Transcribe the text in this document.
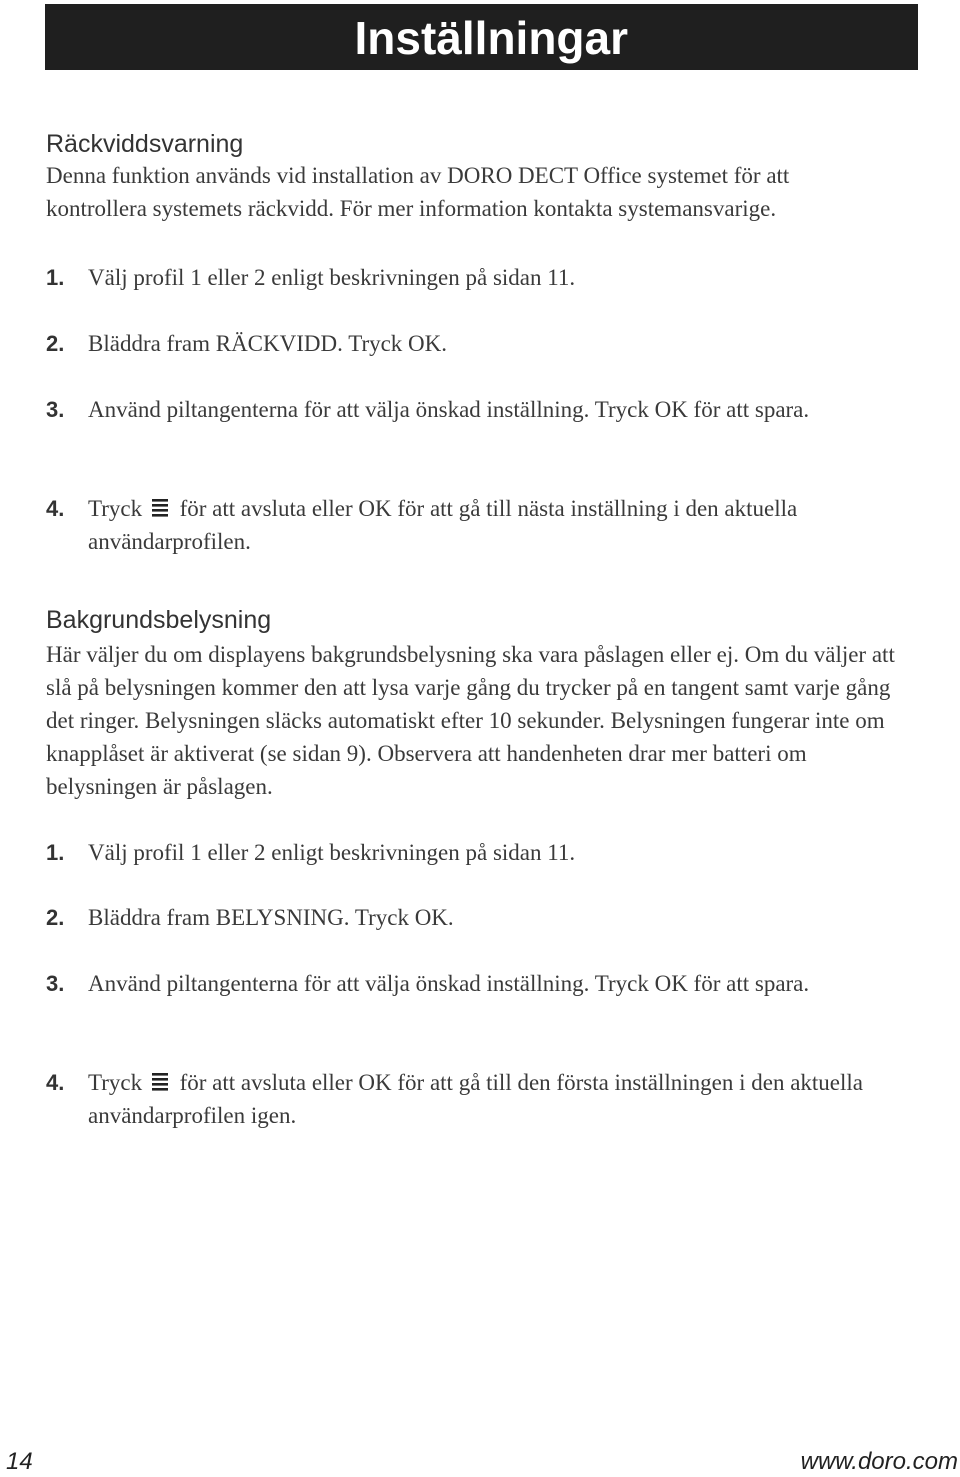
Inställningar
Räckviddsvarning
Denna funktion används vid installation av DORO DECT Office systemet för att kontrollera systemets räckvidd. För mer information kontakta systemansvarige.
1.	Välj profil 1 eller 2 enligt beskrivningen på sidan 11.
2.	Bläddra fram RÄCKVIDD. Tryck OK.
3.	Använd piltangenterna för att välja önskad inställning. Tryck OK för att spara.
4.	Tryck för att avsluta eller OK för att gå till nästa inställning i den aktuella användarprofilen.
Bakgrundsbelysning
Här väljer du om displayens bakgrundsbelysning ska vara påslagen eller ej. Om du väljer att slå på belysningen kommer den att lysa varje gång du trycker på en tangent samt varje gång det ringer. Belysningen släcks automatiskt efter 10 sekunder. Belysningen fungerar inte om knapplåset är aktiverat (se sidan 9). Observera att handenheten drar mer batteri om belysningen är påslagen.
1.	Välj profil 1 eller 2 enligt beskrivningen på sidan 11.
2.	Bläddra fram BELYSNING. Tryck OK.
3.	Använd piltangenterna för att välja önskad inställning. Tryck OK för att spara.
4.	Tryck för att avsluta eller OK för att gå till den första inställningen i den aktuella användarprofilen igen.
14	www.doro.com
